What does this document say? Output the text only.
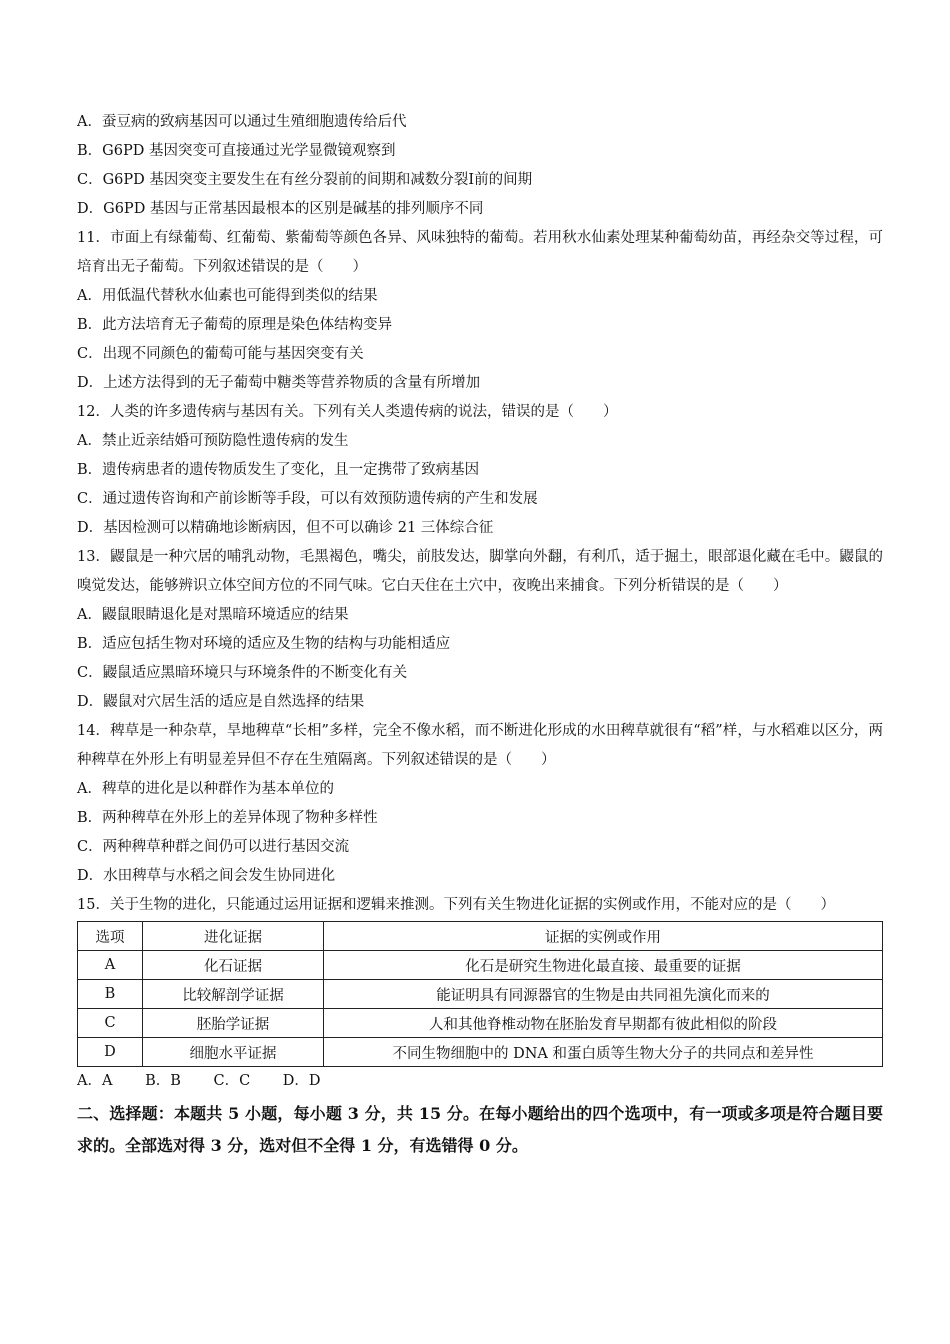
A．蚕豆病的致病基因可以通过生殖细胞遗传给后代
B．G6PD 基因突变可直接通过光学显微镜观察到
C．G6PD 基因突变主要发生在有丝分裂前的间期和减数分裂Ⅰ前的间期
D．G6PD 基因与正常基因最根本的区别是碱基的排列顺序不同
11．市面上有绿葡萄、红葡萄、紫葡萄等颜色各异、风味独特的葡萄。若用秋水仙素处理某种葡萄幼苗，再经杂交等过程，可培育出无子葡萄。下列叙述错误的是（　　）
A．用低温代替秋水仙素也可能得到类似的结果
B．此方法培育无子葡萄的原理是染色体结构变异
C．出现不同颜色的葡萄可能与基因突变有关
D．上述方法得到的无子葡萄中糖类等营养物质的含量有所增加
12．人类的许多遗传病与基因有关。下列有关人类遗传病的说法，错误的是（　　）
A．禁止近亲结婚可预防隐性遗传病的发生
B．遗传病患者的遗传物质发生了变化，且一定携带了致病基因
C．通过遗传咨询和产前诊断等手段，可以有效预防遗传病的产生和发展
D．基因检测可以精确地诊断病因，但不可以确诊 21 三体综合征
13．鼹鼠是一种穴居的哺乳动物，毛黑褐色，嘴尖，前肢发达，脚掌向外翻，有利爪，适于掘土，眼部退化藏在毛中。鼹鼠的嗅觉发达，能够辨识立体空间方位的不同气味。它白天住在土穴中，夜晚出来捕食。下列分析错误的是（　　）
A．鼹鼠眼睛退化是对黑暗环境适应的结果
B．适应包括生物对环境的适应及生物的结构与功能相适应
C．鼹鼠适应黑暗环境只与环境条件的不断变化有关
D．鼹鼠对穴居生活的适应是自然选择的结果
14．稗草是一种杂草，旱地稗草“长相”多样，完全不像水稻，而不断进化形成的水田稗草就很有“稻”样，与水稻难以区分，两种稗草在外形上有明显差异但不存在生殖隔离。下列叙述错误的是（　　）
A．稗草的进化是以种群作为基本单位的
B．两种稗草在外形上的差异体现了物种多样性
C．两种稗草种群之间仍可以进行基因交流
D．水田稗草与水稻之间会发生协同进化
15．关于生物的进化，只能通过运用证据和逻辑来推测。下列有关生物进化证据的实例或作用，不能对应的是（　　）
选项	进化证据	证据的实例或作用
A	化石证据	化石是研究生物进化最直接、最重要的证据
B	比较解剖学证据	能证明具有同源器官的生物是由共同祖先演化而来的
C	胚胎学证据	人和其他脊椎动物在胚胎发育早期都有彼此相似的阶段
D	细胞水平证据	不同生物细胞中的 DNA 和蛋白质等生物大分子的共同点和差异性
A．A B．B C．C D．D
二、选择题：本题共 5 小题，每小题 3 分，共 15 分。在每小题给出的四个选项中，有一项或多项是符合题目要求的。全部选对得 3 分，选对但不全得 1 分，有选错得 0 分。
